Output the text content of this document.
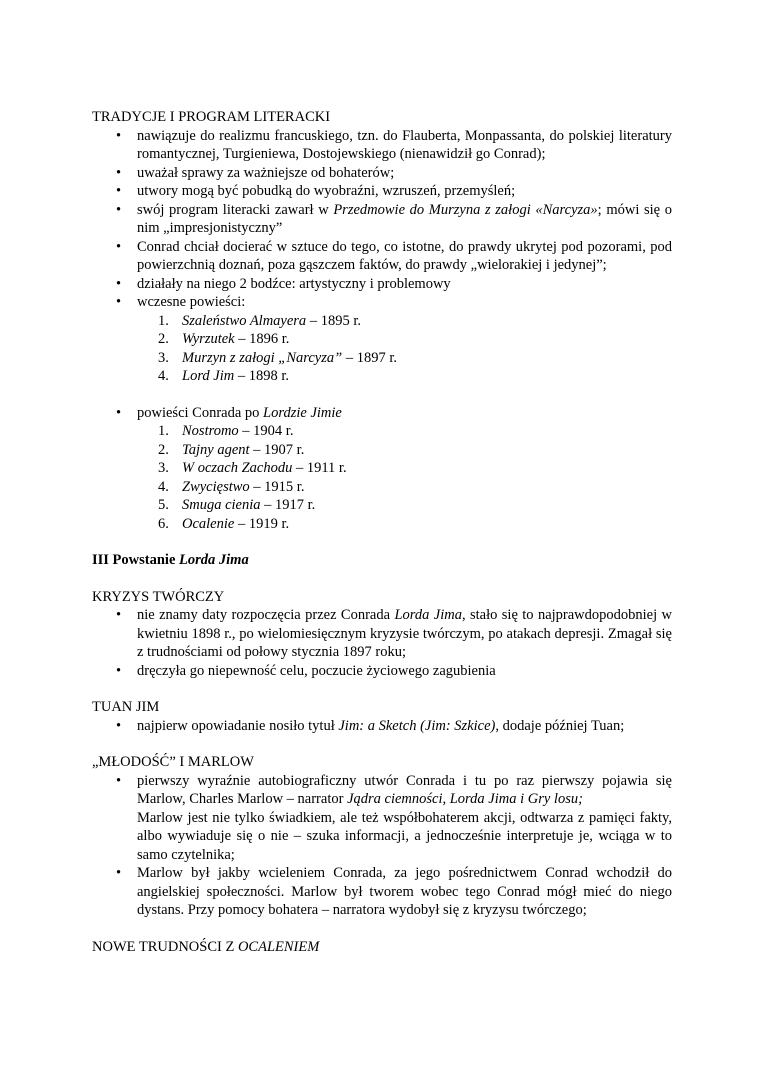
TRADYCJE I PROGRAM LITERACKI

• nawiązuje do realizmu francuskiego, tzn. do Flauberta, Monpassanta, do polskiej literatury romantycznej, Turgieniewa, Dostojewskiego (nienawidził go Conrad);
• uważał sprawy za ważniejsze od bohaterów;
• utwory mogą być pobudką do wyobraźni, wzruszeń, przemyśleń;
• swój program literacki zawarł w Przedmowie do Murzyna z załogi «Narcyza»; mówi się o nim „impresjonistyczny”
• Conrad chciał docierać w sztuce do tego, co istotne, do prawdy ukrytej pod pozorami, pod powierzchnią doznań, poza gąszczem faktów, do prawdy „wielorakiej i jedynej”;
• działały na niego 2 bodźce: artystyczny i problemowy
• wczesne powieści:
1. Szaleństwo Almayera – 1895 r.
2. Wyrzutek – 1896 r.
3. Murzyn z załogi „Narcyza” – 1897 r.
4. Lord Jim – 1898 r.
• powieści Conrada po Lordzie Jimie
1. Nostromo – 1904 r.
2. Tajny agent – 1907 r.
3. W oczach Zachodu – 1911 r.
4. Zwycięstwo – 1915 r.
5. Smuga cienia – 1917 r.
6. Ocalenie – 1919 r.

III Powstanie Lorda Jima

KRYZYS TWÓRCZY

• nie znamy daty rozpoczęcia przez Conrada Lorda Jima, stało się to najprawdopodobniej w kwietniu 1898 r., po wielomiesięcznym kryzysie twórczym, po atakach depresji. Zmagał się z trudnościami od połowy stycznia 1897 roku;
• dręczyła go niepewność celu, poczucie życiowego zagubienia

TUAN JIM

• najpierw opowiadanie nosiło tytuł Jim: a Sketch (Jim: Szkice), dodaje później Tuan;

„MŁODOŚĆ” I MARLOW

• pierwszy wyraźnie autobiograficzny utwór Conrada i tu po raz pierwszy pojawia się Marlow, Charles Marlow – narrator Jądra ciemności, Lorda Jima i Gry losu;
Marlow jest nie tylko świadkiem, ale też współbohaterem akcji, odtwarza z pamięci fakty, albo wywiaduje się o nie – szuka informacji, a jednocześnie interpretuje je, wciąga w to samo czytelnika;
• Marlow był jakby wcieleniem Conrada, za jego pośrednictwem Conrad wchodził do angielskiej społeczności. Marlow był tworem wobec tego Conrad mógł mieć do niego dystans. Przy pomocy bohatera – narratora wydobył się z kryzysu twórczego;

NOWE TRUDNOŚCI Z OCALENIEM
